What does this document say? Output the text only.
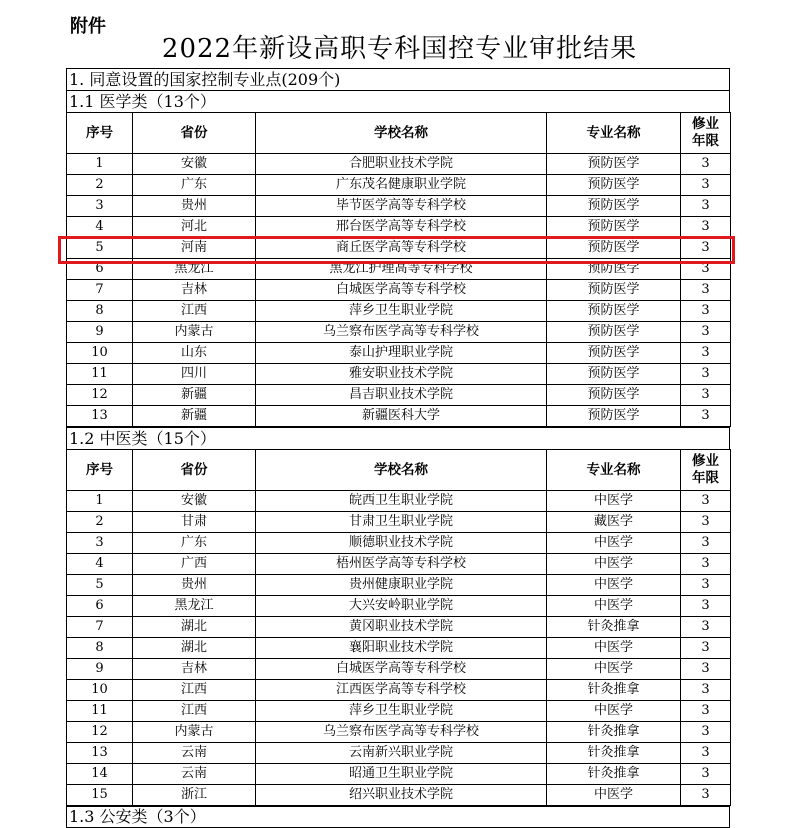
附件
2022年新设高职专科国控专业审批结果
1. 同意设置的国家控制专业点(209个)
1.1 医学类（13个）
序号	省份	学校名称	专业名称	修业年限
1	安徽	合肥职业技术学院	预防医学	3
2	广东	广东茂名健康职业学院	预防医学	3
3	贵州	毕节医学高等专科学校	预防医学	3
4	河北	邢台医学高等专科学校	预防医学	3
5	河南	商丘医学高等专科学校	预防医学	3
6	黑龙江	黑龙江护理高等专科学校	预防医学	3
7	吉林	白城医学高等专科学校	预防医学	3
8	江西	萍乡卫生职业学院	预防医学	3
9	内蒙古	乌兰察布医学高等专科学校	预防医学	3
10	山东	泰山护理职业学院	预防医学	3
11	四川	雅安职业技术学院	预防医学	3
12	新疆	昌吉职业技术学院	预防医学	3
13	新疆	新疆医科大学	预防医学	3
1.2 中医类（15个）
序号	省份	学校名称	专业名称	修业年限
1	安徽	皖西卫生职业学院	中医学	3
2	甘肃	甘肃卫生职业学院	藏医学	3
3	广东	顺德职业技术学院	中医学	3
4	广西	梧州医学高等专科学校	中医学	3
5	贵州	贵州健康职业学院	中医学	3
6	黑龙江	大兴安岭职业学院	中医学	3
7	湖北	黄冈职业技术学院	针灸推拿	3
8	湖北	襄阳职业技术学院	中医学	3
9	吉林	白城医学高等专科学校	中医学	3
10	江西	江西医学高等专科学校	针灸推拿	3
11	江西	萍乡卫生职业学院	中医学	3
12	内蒙古	乌兰察布医学高等专科学校	针灸推拿	3
13	云南	云南新兴职业学院	针灸推拿	3
14	云南	昭通卫生职业学院	针灸推拿	3
15	浙江	绍兴职业技术学院	中医学	3
1.3 公安类（3个）
